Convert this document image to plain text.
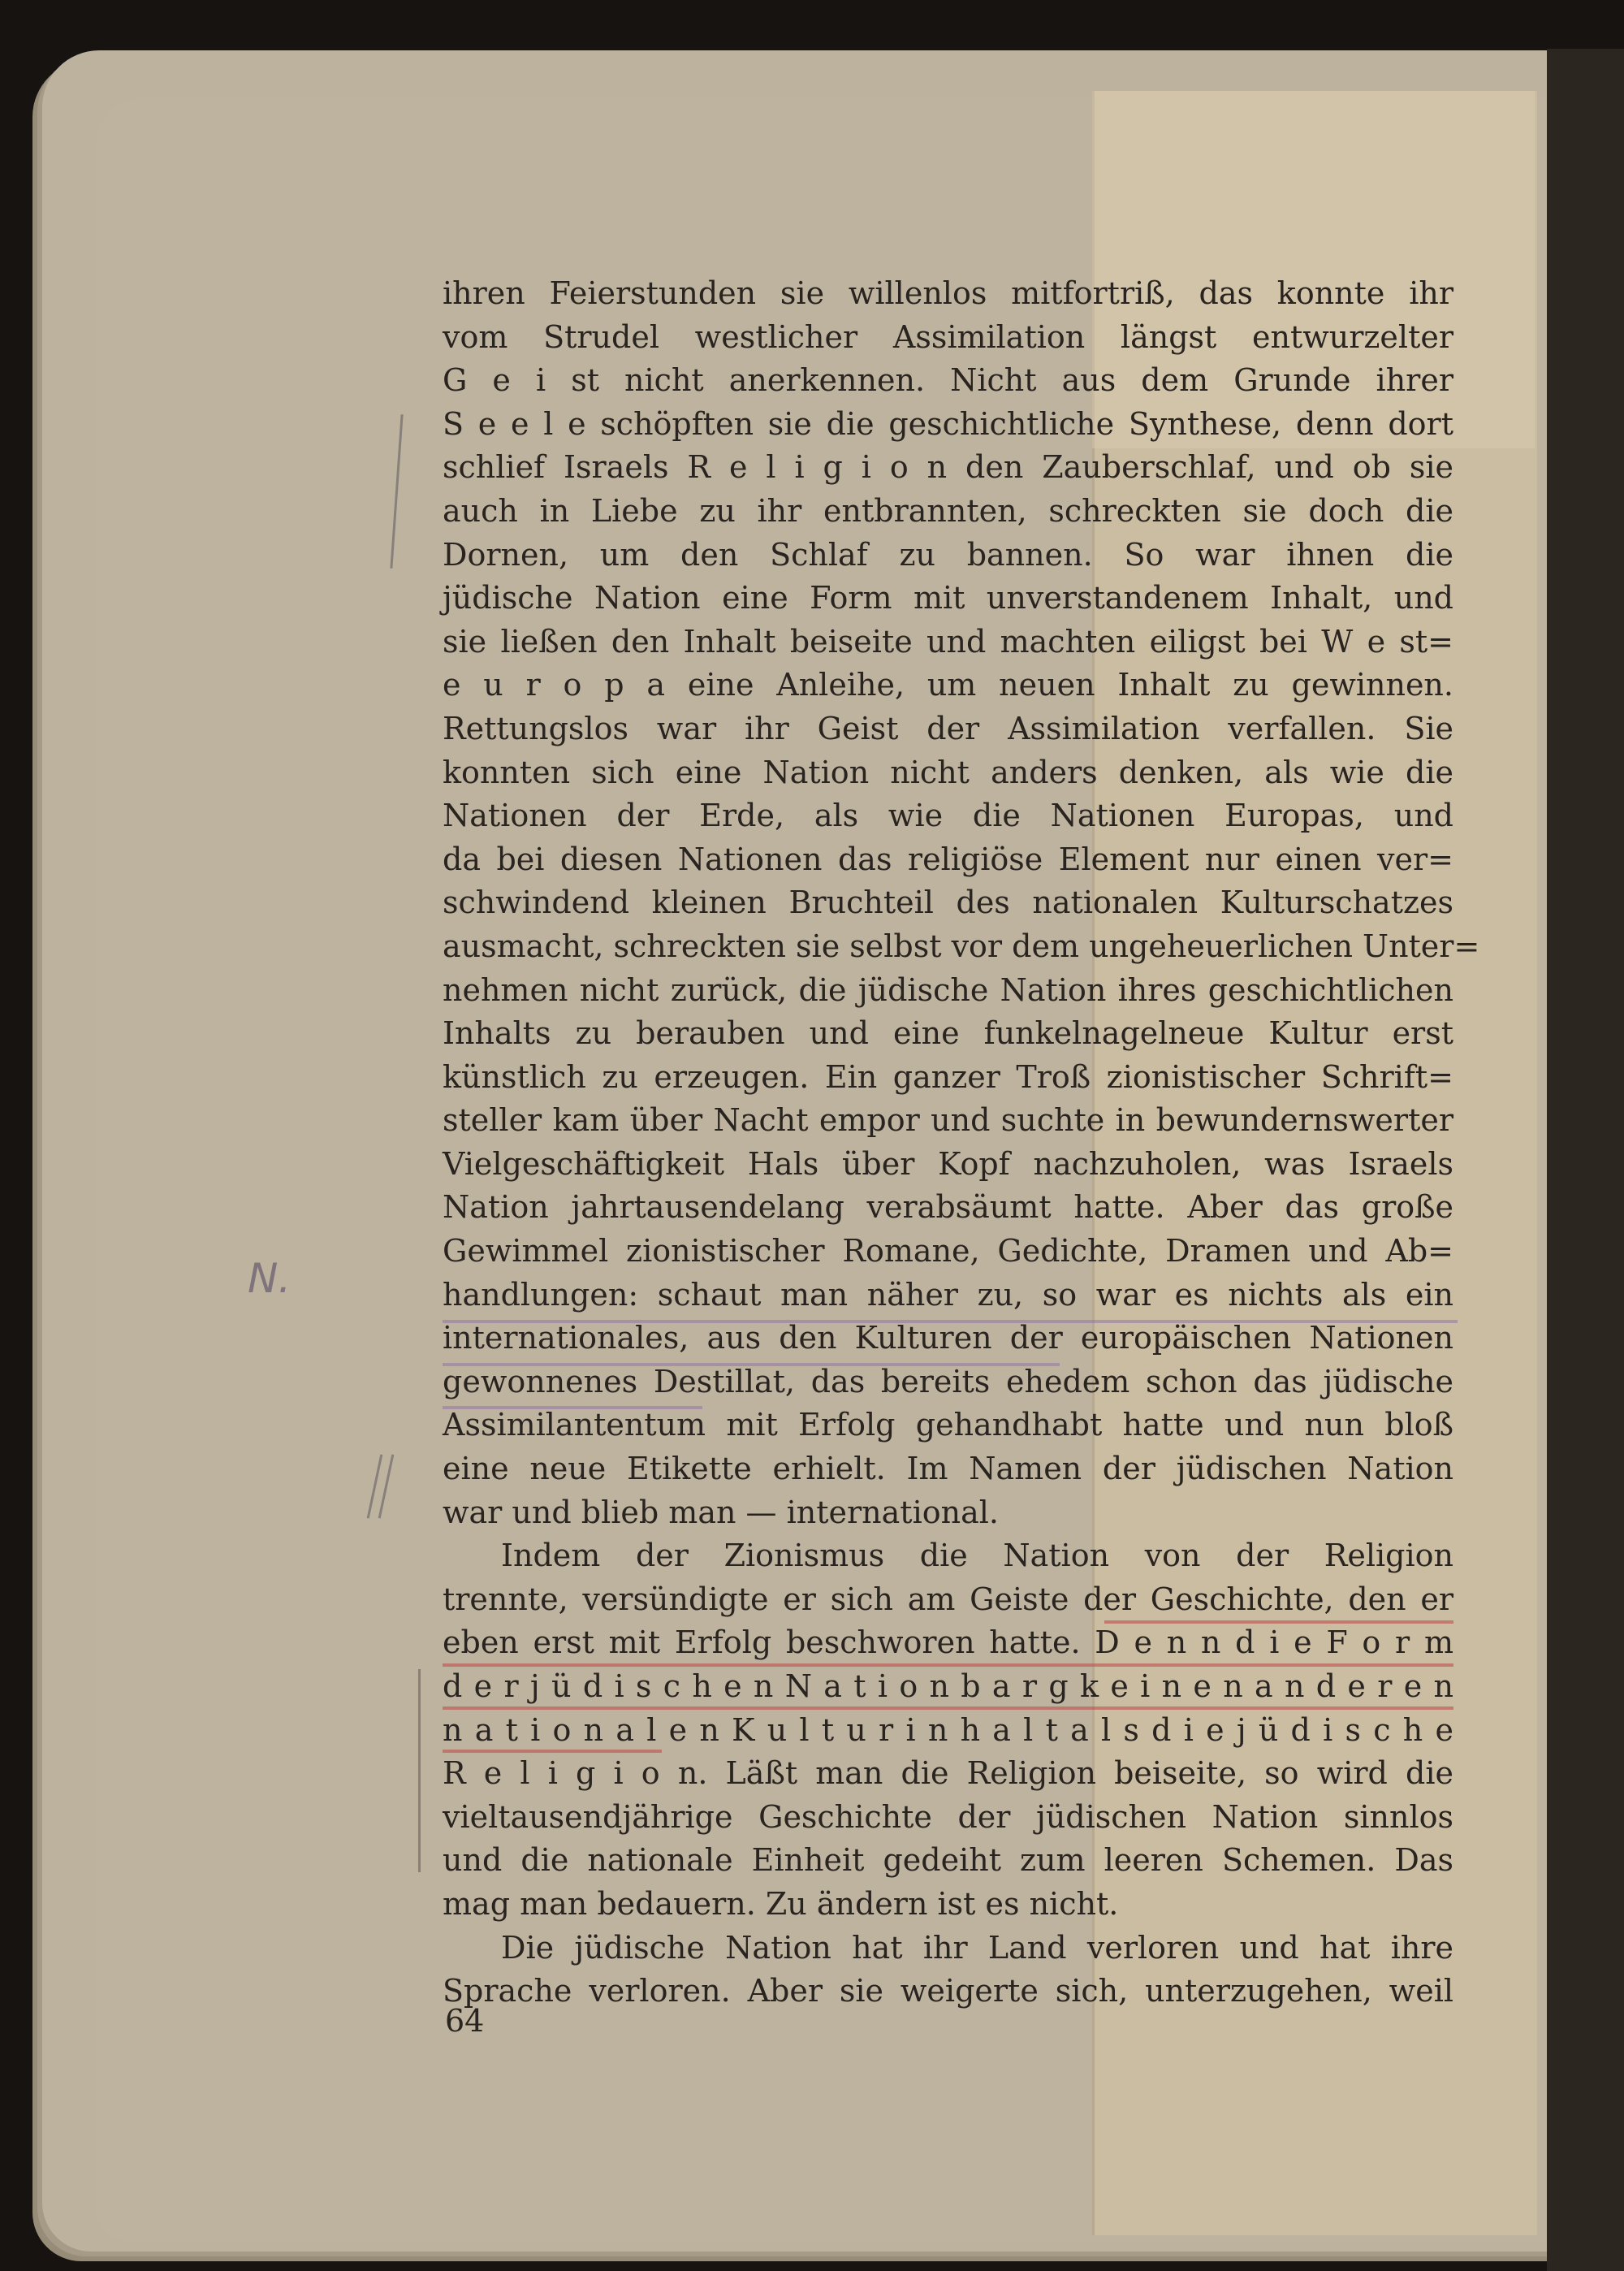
N.
ihren Feierstunden sie willenlos mitfortriß, das konnte ihr
vom Strudel westlicher Assimilation längst entwurzelter
G e i st nicht anerkennen. Nicht aus dem Grunde ihrer
S e e l e schöpften sie die geschichtliche Synthese, denn dort
schlief Israels R e l i g i o n den Zauberschlaf, und ob sie
auch in Liebe zu ihr entbrannten, schreckten sie doch die
Dornen, um den Schlaf zu bannen. So war ihnen die
jüdische Nation eine Form mit unverstandenem Inhalt, und
sie ließen den Inhalt beiseite und machten eiligst bei W e st=
e u r o p a eine Anleihe, um neuen Inhalt zu gewinnen.
Rettungslos war ihr Geist der Assimilation verfallen. Sie
konnten sich eine Nation nicht anders denken, als wie die
Nationen der Erde, als wie die Nationen Europas, und
da bei diesen Nationen das religiöse Element nur einen ver=
schwindend kleinen Bruchteil des nationalen Kulturschatzes
ausmacht, schreckten sie selbst vor dem ungeheuerlichen Unter=
nehmen nicht zurück, die jüdische Nation ihres geschichtlichen
Inhalts zu berauben und eine funkelnagelneue Kultur erst
künstlich zu erzeugen. Ein ganzer Troß zionistischer Schrift=
steller kam über Nacht empor und suchte in bewundernswerter
Vielgeschäftigkeit Hals über Kopf nachzuholen, was Israels
Nation jahrtausendelang verabsäumt hatte. Aber das große
Gewimmel zionistischer Romane, Gedichte, Dramen und Ab=
handlungen: schaut man näher zu, so war es nichts als ein
internationales, aus den Kulturen der europäischen Nationen
gewonnenes Destillat, das bereits ehedem schon das jüdische
Assimilantentum mit Erfolg gehandhabt hatte und nun bloß
eine neue Etikette erhielt. Im Namen der jüdischen Nation
war und blieb man — international.
Indem der Zionismus die Nation von der Religion
trennte, versündigte er sich am Geiste der Geschichte, den er
eben erst mit Erfolg beschworen hatte. D e n n d i e F o r m
d e r j ü d i s c h e n N a t i o n b a r g k e i n e n a n d e r e n
n a t i o n a l e n K u l t u r i n h a l t a l s d i e j ü d i s c h e
R e l i g i o n. Läßt man die Religion beiseite, so wird die
vieltausendjährige Geschichte der jüdischen Nation sinnlos
und die nationale Einheit gedeiht zum leeren Schemen. Das
mag man bedauern. Zu ändern ist es nicht.
Die jüdische Nation hat ihr Land verloren und hat ihre
Sprache verloren. Aber sie weigerte sich, unterzugehen, weil
64
